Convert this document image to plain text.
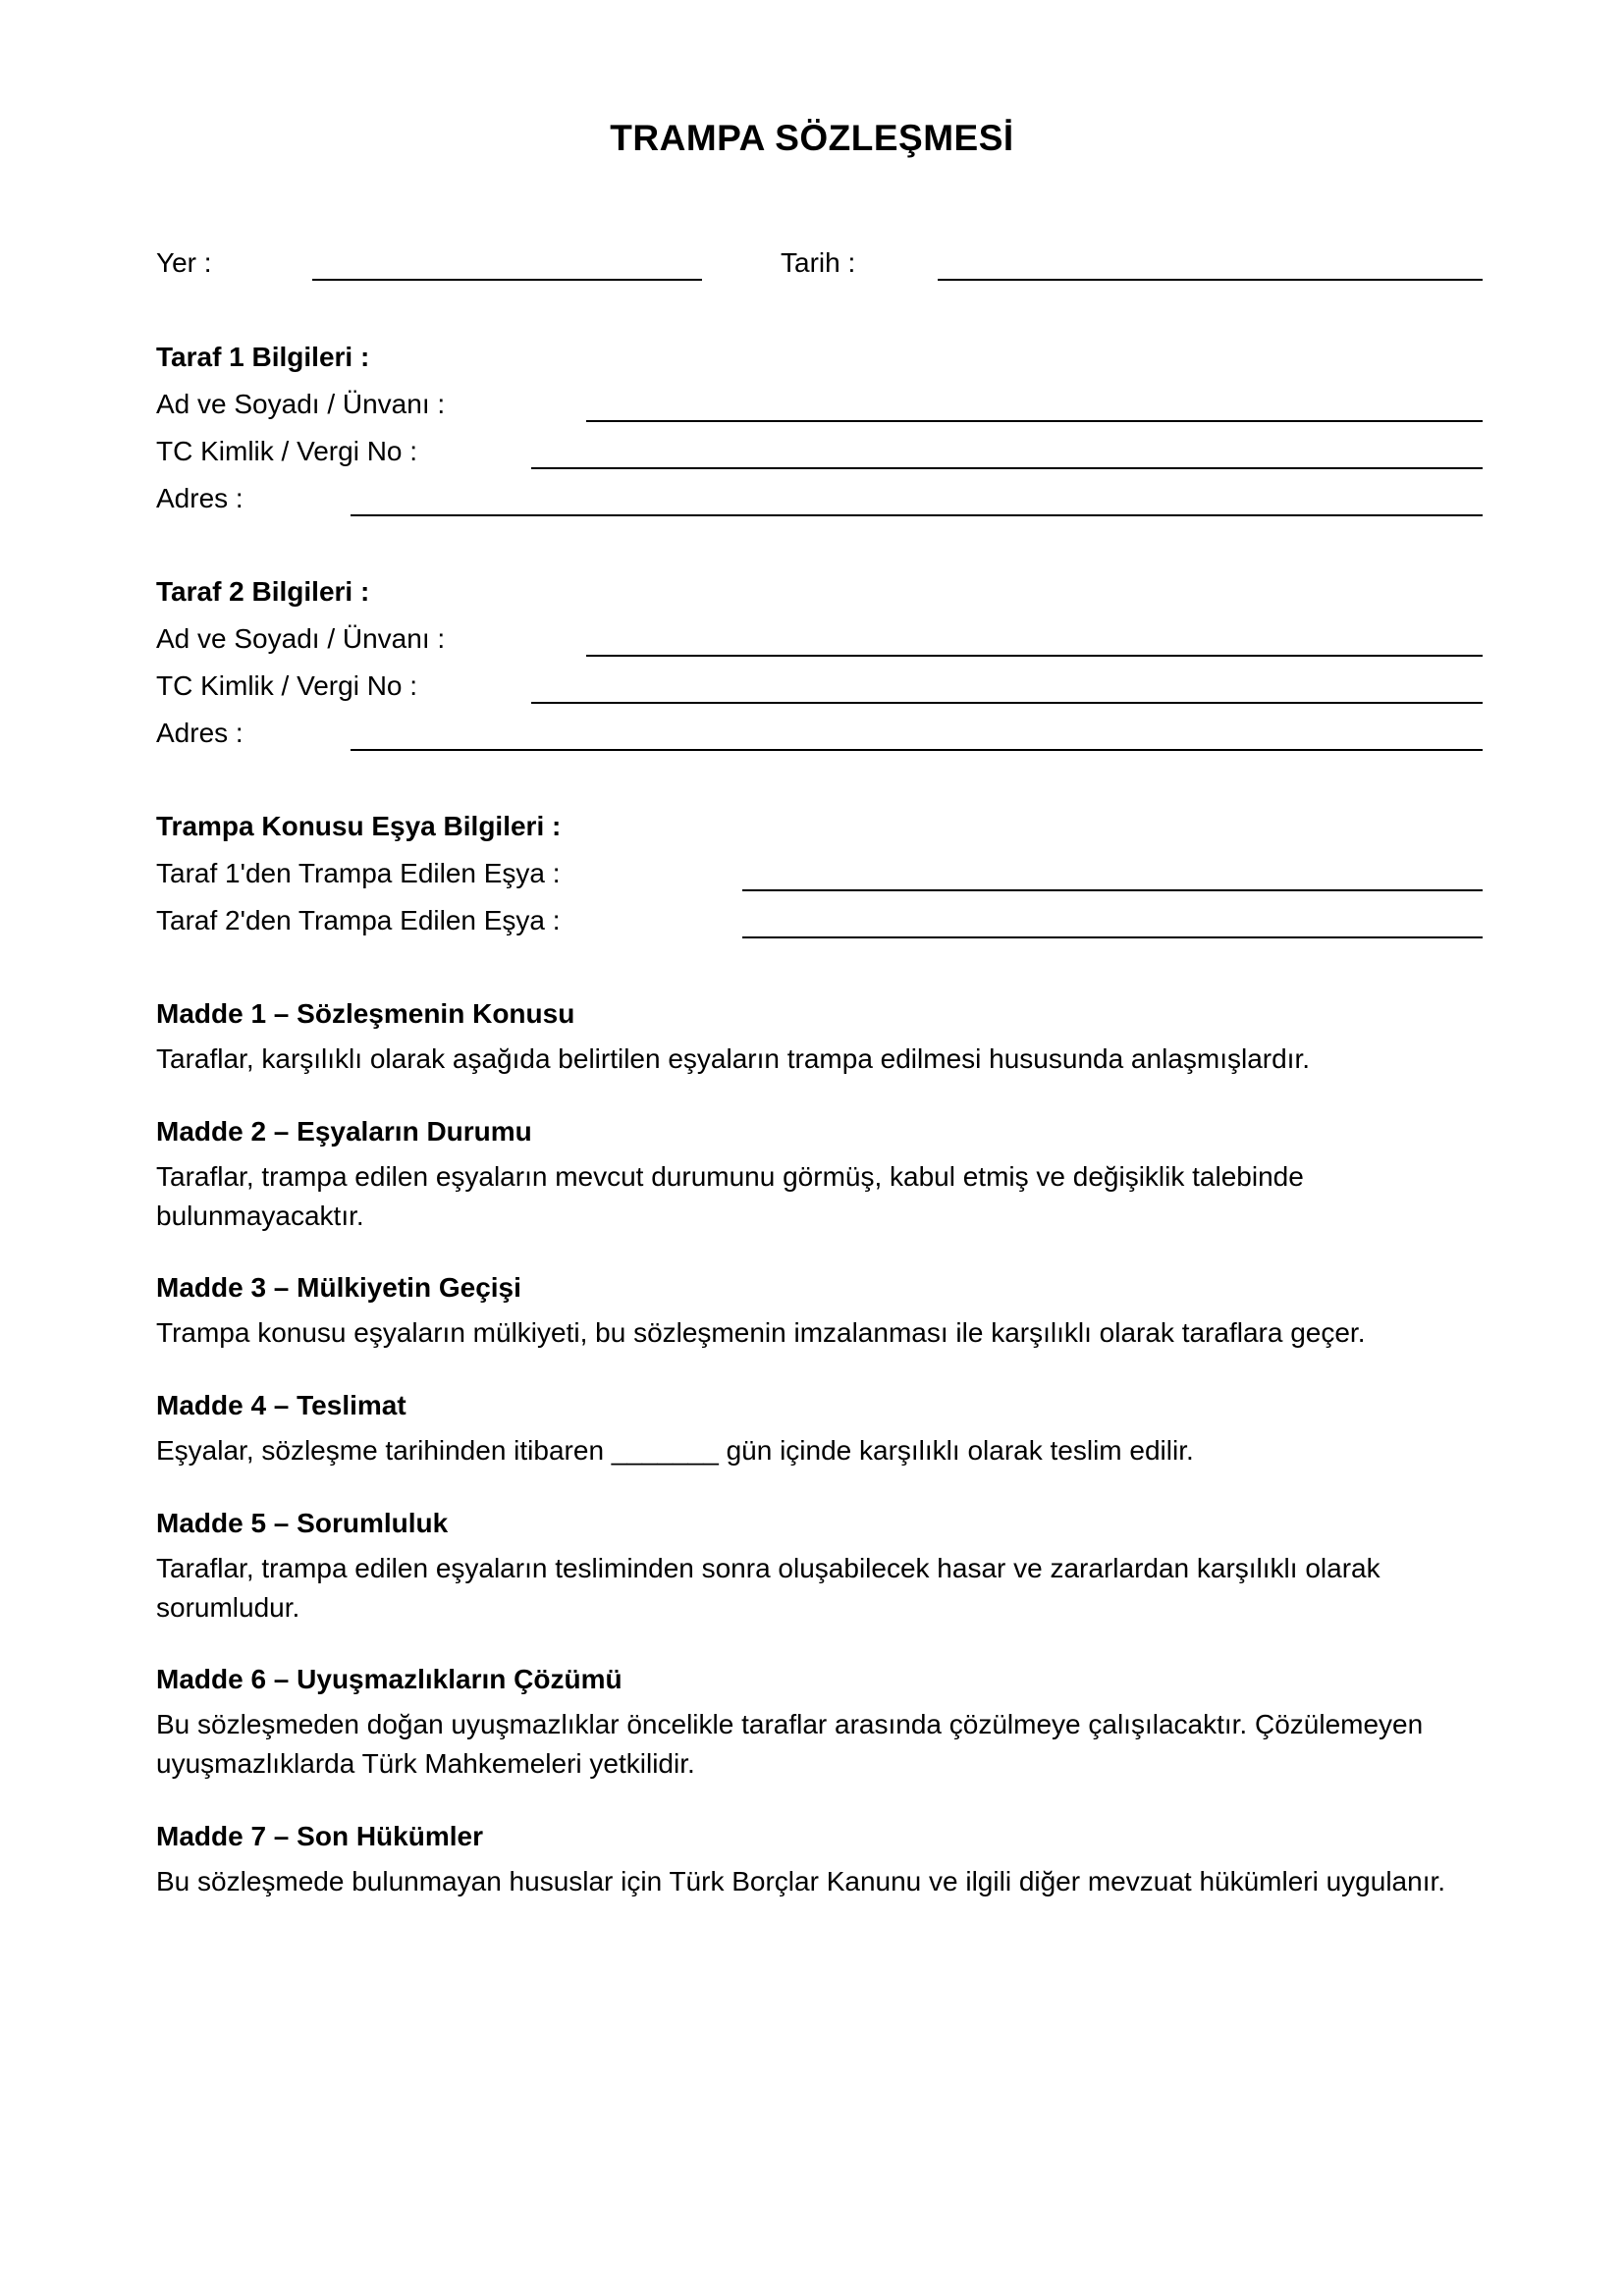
TRAMPA SÖZLEŞMESİ
Yer :	Tarih :
Taraf 1 Bilgileri :
Ad ve Soyadı / Ünvanı :
TC Kimlik / Vergi No :
Adres :
Taraf 2 Bilgileri :
Ad ve Soyadı / Ünvanı :
TC Kimlik / Vergi No :
Adres :
Trampa Konusu Eşya Bilgileri :
Taraf 1'den Trampa Edilen Eşya :
Taraf 2'den Trampa Edilen Eşya :
Madde 1 – Sözleşmenin Konusu
Taraflar, karşılıklı olarak aşağıda belirtilen eşyaların trampa edilmesi hususunda anlaşmışlardır.
Madde 2 – Eşyaların Durumu
Taraflar, trampa edilen eşyaların mevcut durumunu görmüş, kabul etmiş ve değişiklik talebinde bulunmayacaktır.
Madde 3 – Mülkiyetin Geçişi
Trampa konusu eşyaların mülkiyeti, bu sözleşmenin imzalanması ile karşılıklı olarak taraflara geçer.
Madde 4 – Teslimat
Eşyalar, sözleşme tarihinden itibaren _______ gün içinde karşılıklı olarak teslim edilir.
Madde 5 – Sorumluluk
Taraflar, trampa edilen eşyaların tesliminden sonra oluşabilecek hasar ve zararlardan karşılıklı olarak sorumludur.
Madde 6 – Uyuşmazlıkların Çözümü
Bu sözleşmeden doğan uyuşmazlıklar öncelikle taraflar arasında çözülmeye çalışılacaktır. Çözülemeyen uyuşmazlıklarda Türk Mahkemeleri yetkilidir.
Madde 7 – Son Hükümler
Bu sözleşmede bulunmayan hususlar için Türk Borçlar Kanunu ve ilgili diğer mevzuat hükümleri uygulanır.
